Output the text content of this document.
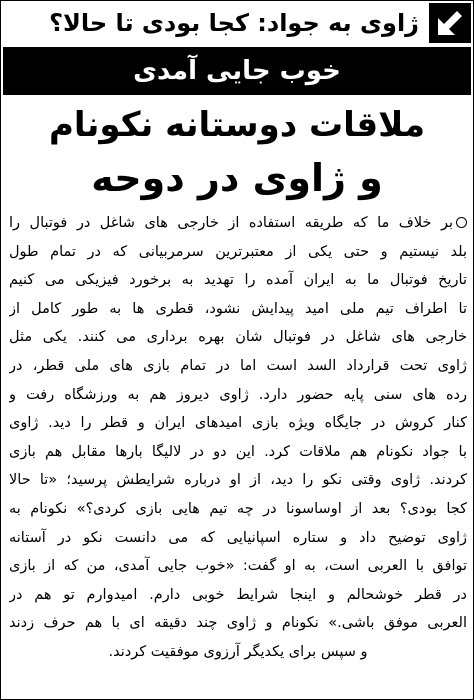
ژاوی به جواد: کجا بودی تا حالا؟
خوب جایی آمدی
ملاقات دوستانه نکونام
و ژاوی در دوحه
بر خلاف ما که طریقه استفاده از خارجی های شاغل در فوتبال را
بلد نیستیم و حتی یکی از معتبرترین سرمربیانی که در تمام طول
تاریخ فوتبال ما به ایران آمده را تهدید به برخورد فیزیکی می کنیم
تا اطراف تیم ملی امید پیدایش نشود، قطری ها به طور کامل از
خارجی های شاغل در فوتبال شان بهره برداری می کنند. یکی مثل
ژاوی تحت قرارداد السد است اما در تمام بازی های ملی قطر، در
رده های سنی پایه حضور دارد. ژاوی دیروز هم به ورزشگاه رفت و
کنار کروش در جایگاه ویژه بازی امیدهای ایران و قطر را دید. ژاوی
با جواد نکونام هم ملاقات کرد. این دو در لالیگا بارها مقابل هم بازی
کردند. ژاوی وقتی نکو را دید، از او درباره شرایطش پرسید؛ «تا حالا
کجا بودی؟ بعد از اوساسونا در چه تیم هایی بازی کردی؟» نکونام به
ژاوی توضیح داد و ستاره اسپانیایی که می دانست نکو در آستانه
توافق با العربی است، به او گفت: «خوب جایی آمدی، من که از بازی
در قطر خوشحالم و اینجا شرایط خوبی دارم. امیدوارم تو هم در
العربی موفق باشی.» نکونام و ژاوی چند دقیقه ای با هم حرف زدند
و سپس برای یکدیگر آرزوی موفقیت کردند.
